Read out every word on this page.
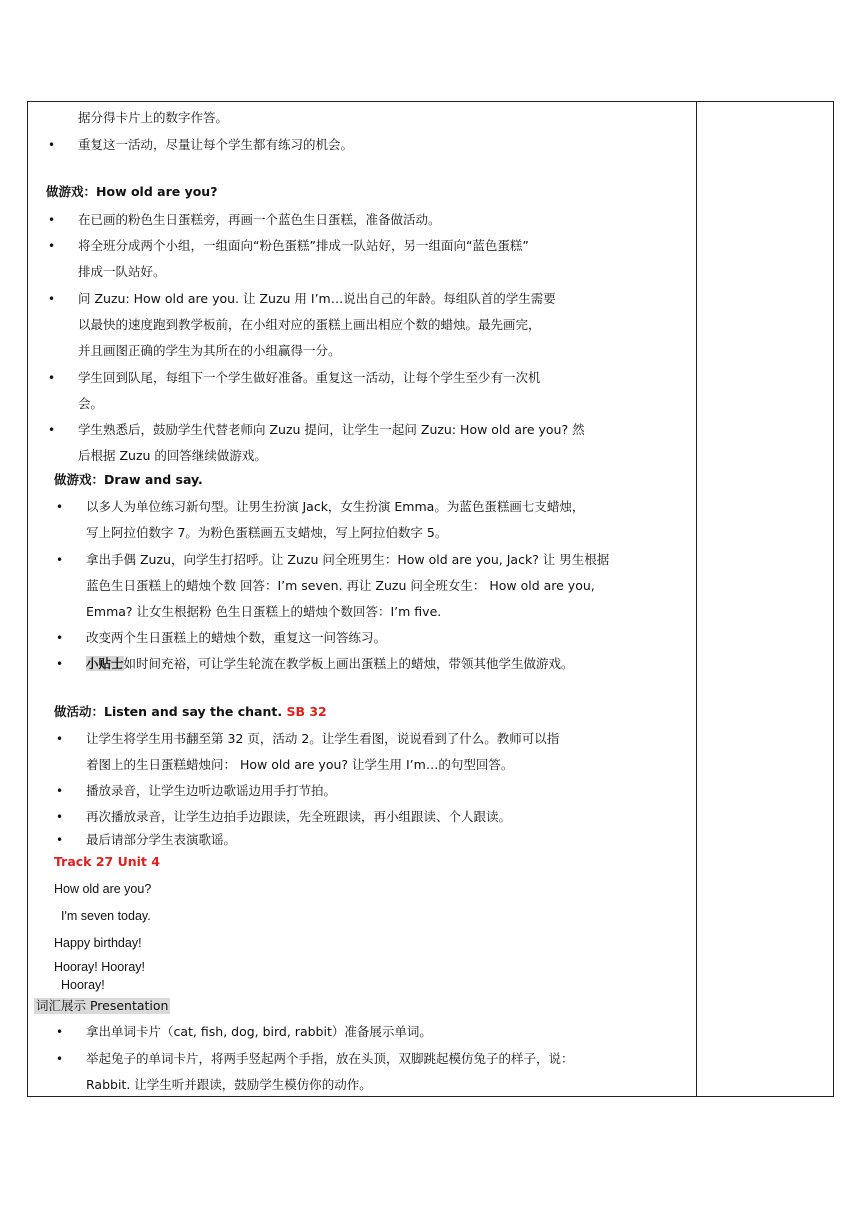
据分得卡片上的数字作答。
• 重复这一活动，尽量让每个学生都有练习的机会。
做游戏：How old are you?
• 在已画的粉色生日蛋糕旁，再画一个蓝色生日蛋糕，准备做活动。
• 将全班分成两个小组，一组面向“粉色蛋糕”排成一队站好，另一组面向“蓝色蛋糕”
排成一队站好。
• 问 Zuzu: How old are you. 让 Zuzu 用 I’m…说出自己的年龄。每组队首的学生需要
以最快的速度跑到教学板前，在小组对应的蛋糕上画出相应个数的蜡烛。最先画完，
并且画图正确的学生为其所在的小组赢得一分。
• 学生回到队尾，每组下一个学生做好准备。重复这一活动，让每个学生至少有一次机
会。
• 学生熟悉后，鼓励学生代替老师向 Zuzu 提问，让学生一起问 Zuzu: How old are you? 然
后根据 Zuzu 的回答继续做游戏。
做游戏：Draw and say.
• 以多人为单位练习新句型。让男生扮演 Jack，女生扮演 Emma。为蓝色蛋糕画七支蜡烛，
写上阿拉伯数字 7。为粉色蛋糕画五支蜡烛，写上阿拉伯数字 5。
• 拿出手偶 Zuzu，向学生打招呼。让 Zuzu 问全班男生：How old are you, Jack? 让 男生根据
蓝色生日蛋糕上的蜡烛个数 回答：I’m seven. 再让 Zuzu 问全班女生： How old are you,
Emma? 让女生根据粉 色生日蛋糕上的蜡烛个数回答：I’m five.
• 改变两个生日蛋糕上的蜡烛个数，重复这一问答练习。
• 小贴士如时间充裕，可让学生轮流在教学板上画出蛋糕上的蜡烛，带领其他学生做游戏。
做活动：Listen and say the chant. SB 32
• 让学生将学生用书翻至第 32 页，活动 2。让学生看图，说说看到了什么。教师可以指
着图上的生日蛋糕蜡烛问： How old are you? 让学生用 I’m…的句型回答。
• 播放录音，让学生边听边歌谣边用手打节拍。
• 再次播放录音，让学生边拍手边跟读，先全班跟读，再小组跟读、个人跟读。
• 最后请部分学生表演歌谣。
Track 27 Unit 4
How old are you?
I'm seven today.
Happy birthday!
Hooray! Hooray!
Hooray!
词汇展示 Presentation
• 拿出单词卡片（cat, fish, dog, bird, rabbit）准备展示单词。
• 举起兔子的单词卡片，将两手竖起两个手指，放在头顶，双脚跳起模仿兔子的样子，说：
Rabbit. 让学生听并跟读，鼓励学生模仿你的动作。
